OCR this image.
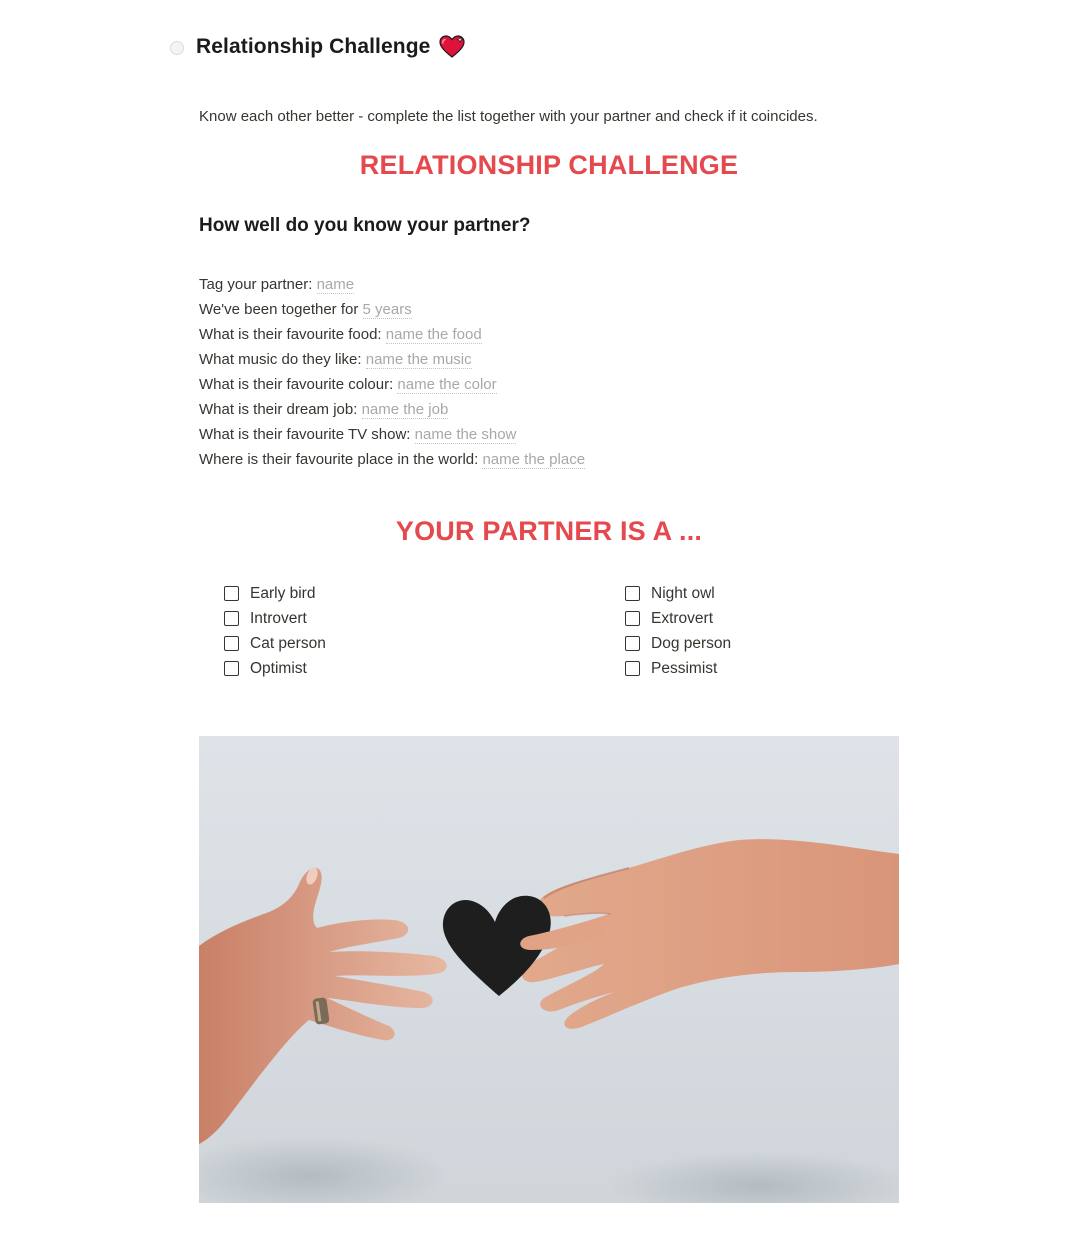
Relationship Challenge
Know each other better - complete the list together with your partner and check if it coincides.
RELATIONSHIP CHALLENGE
How well do you know your partner?
Tag your partner: name
We've been together for 5 years
What is their favourite food: name the food
What music do they like: name the music
What is their favourite colour: name the color
What is their dream job: name the job
What is their favourite TV show: name the show
Where is their favourite place in the world: name the place
YOUR PARTNER IS A ...
Early bird
Introvert
Cat person
Optimist
Night owl
Extrovert
Dog person
Pessimist
